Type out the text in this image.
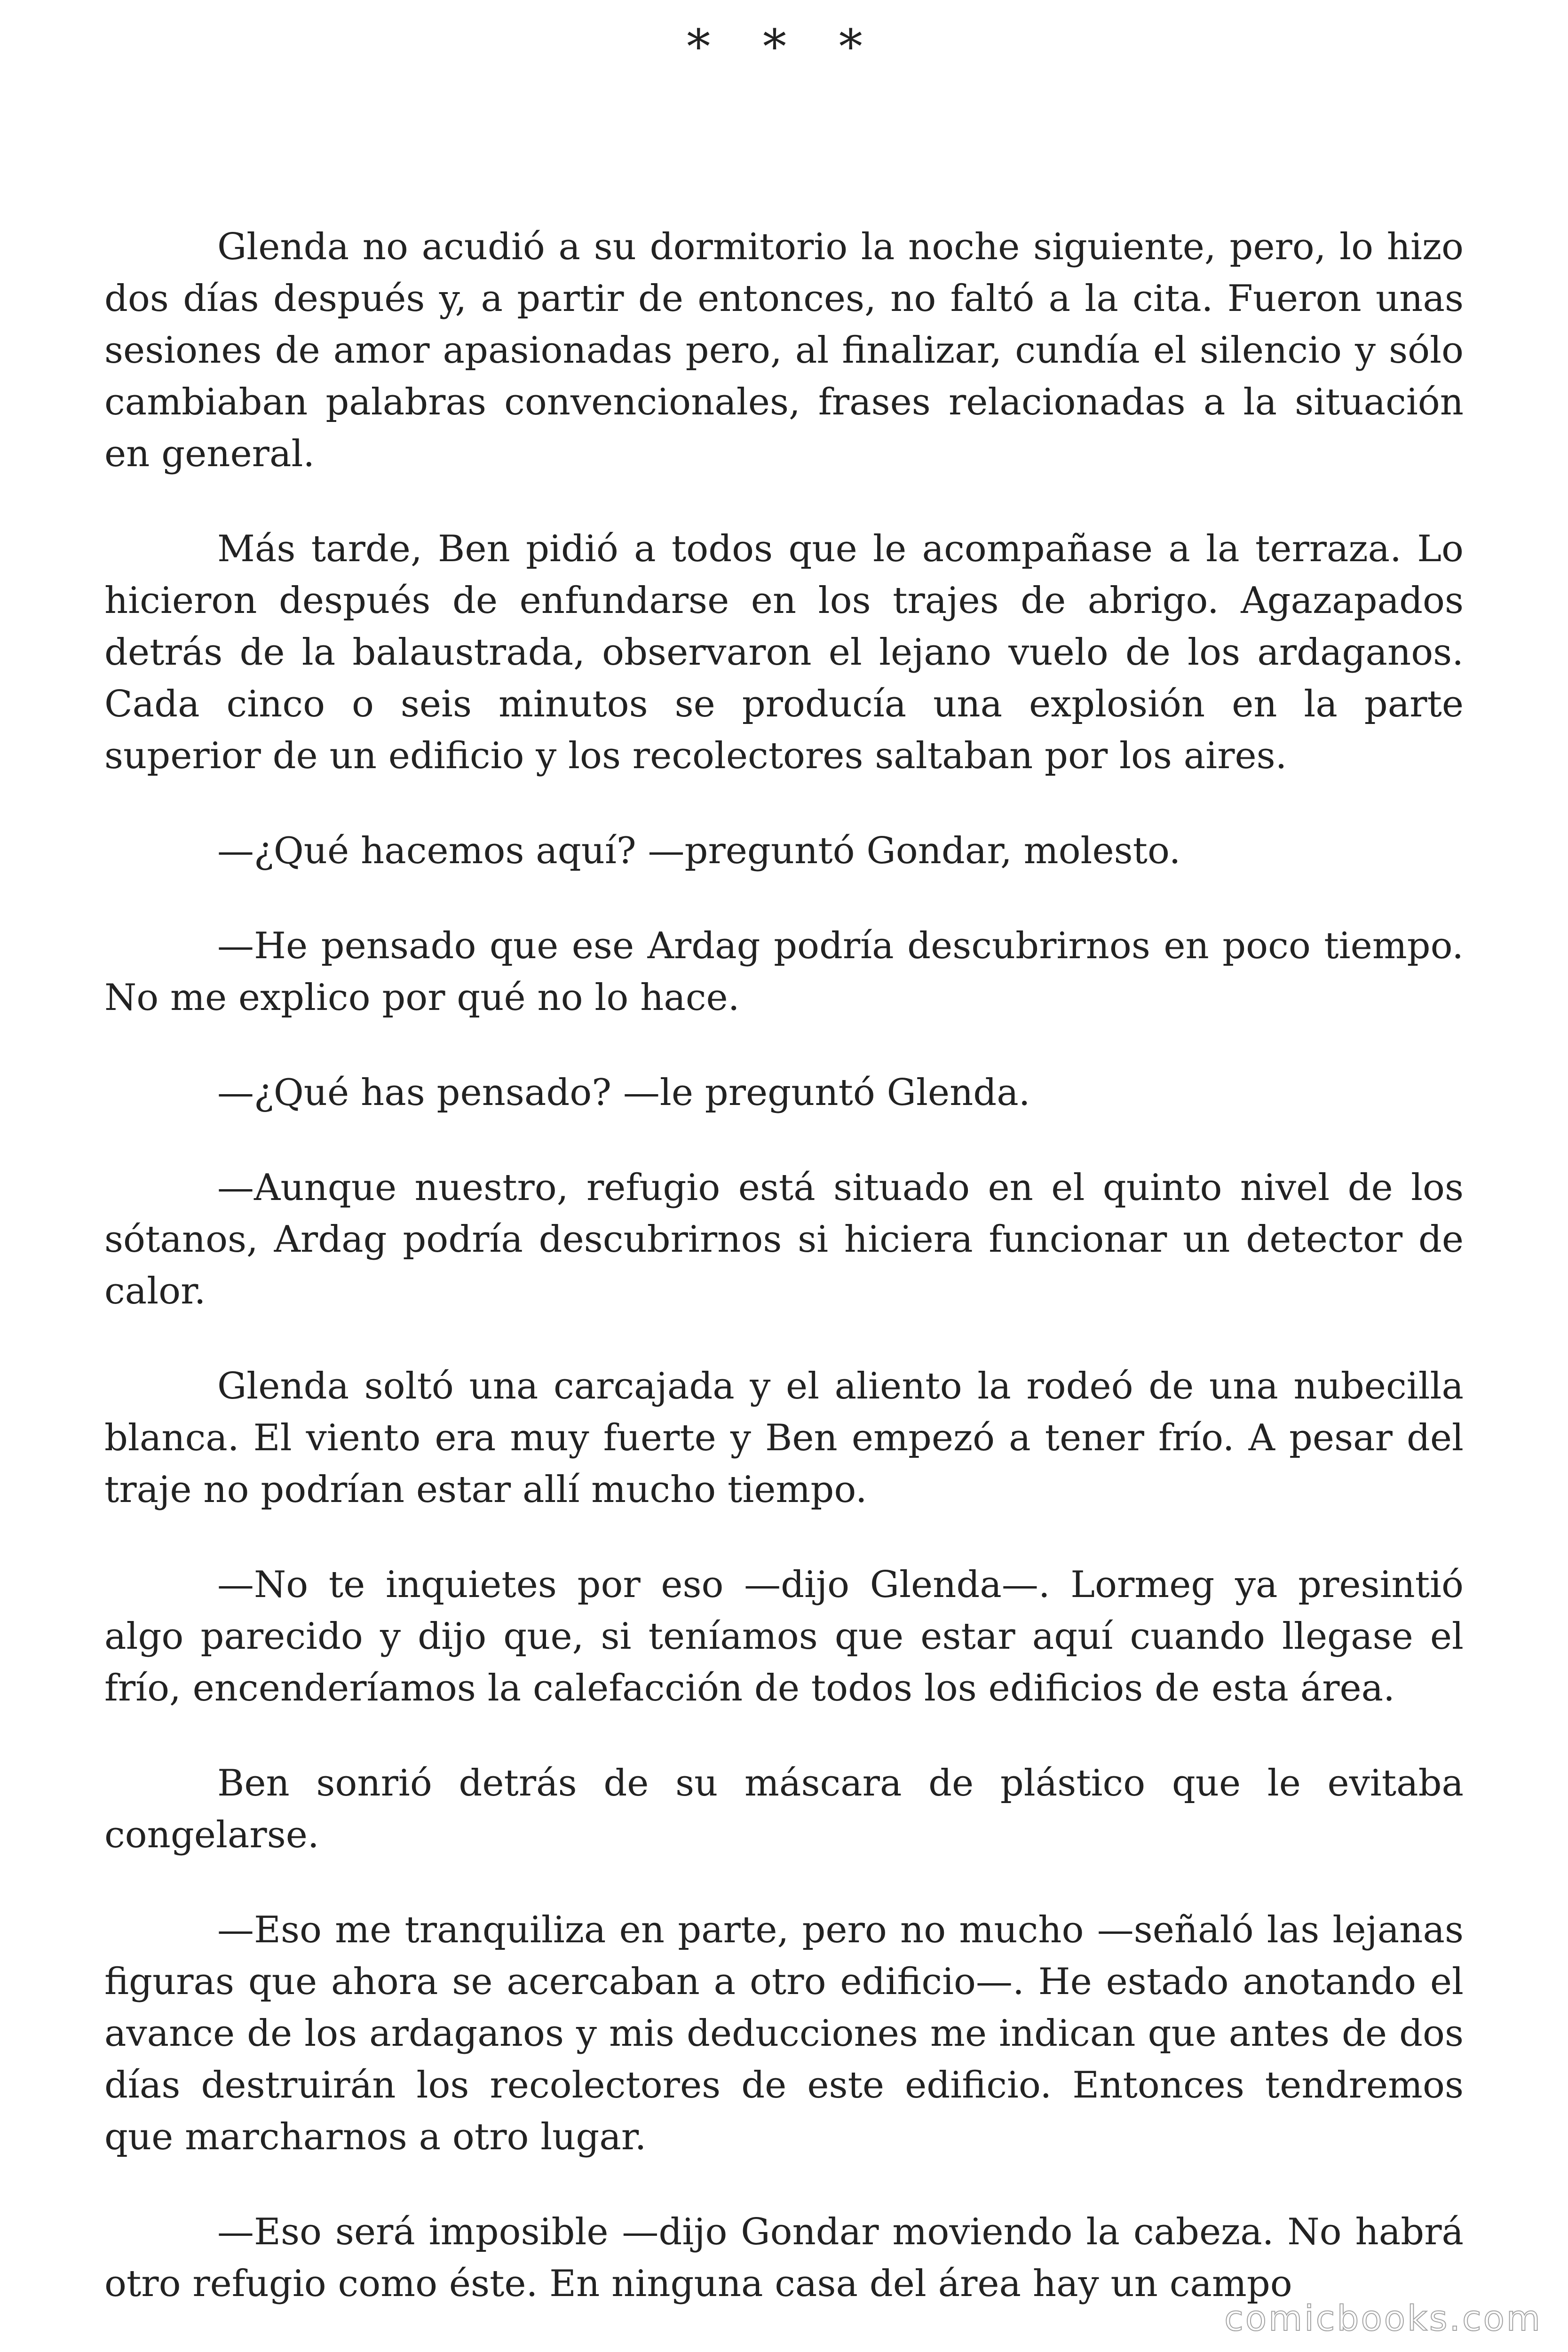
* * *

Glenda no acudió a su dormitorio la noche siguiente, pero, lo hizo dos días después y, a partir de entonces, no faltó a la cita. Fueron unas sesiones de amor apasionadas pero, al finalizar, cundía el silencio y sólo cambiaban palabras convencionales, frases relacionadas a la situación en general.

Más tarde, Ben pidió a todos que le acompañase a la terraza. Lo hicieron después de enfundarse en los trajes de abrigo. Agazapados detrás de la balaustrada, observaron el lejano vuelo de los ardaganos. Cada cinco o seis minutos se producía una explosión en la parte superior de un edificio y los recolectores saltaban por los aires.

—¿Qué hacemos aquí? —preguntó Gondar, molesto.

—He pensado que ese Ardag podría descubrirnos en poco tiempo. No me explico por qué no lo hace.

—¿Qué has pensado? —le preguntó Glenda.

—Aunque nuestro, refugio está situado en el quinto nivel de los sótanos, Ardag podría descubrirnos si hiciera funcionar un detector de calor.

Glenda soltó una carcajada y el aliento la rodeó de una nubecilla blanca. El viento era muy fuerte y Ben empezó a tener frío. A pesar del traje no podrían estar allí mucho tiempo.

—No te inquietes por eso —dijo Glenda—. Lormeg ya presintió algo parecido y dijo que, si teníamos que estar aquí cuando llegase el frío, encenderíamos la calefacción de todos los edificios de esta área.

Ben sonrió detrás de su máscara de plástico que le evitaba congelarse.

—Eso me tranquiliza en parte, pero no mucho —señaló las lejanas figuras que ahora se acercaban a otro edificio—. He estado anotando el avance de los ardaganos y mis deducciones me indican que antes de dos días destruirán los recolectores de este edificio. Entonces tendremos que marcharnos a otro lugar.

—Eso será imposible —dijo Gondar moviendo la cabeza. No habrá otro refugio como éste. En ninguna casa del área hay un campo

comicbooks.com
